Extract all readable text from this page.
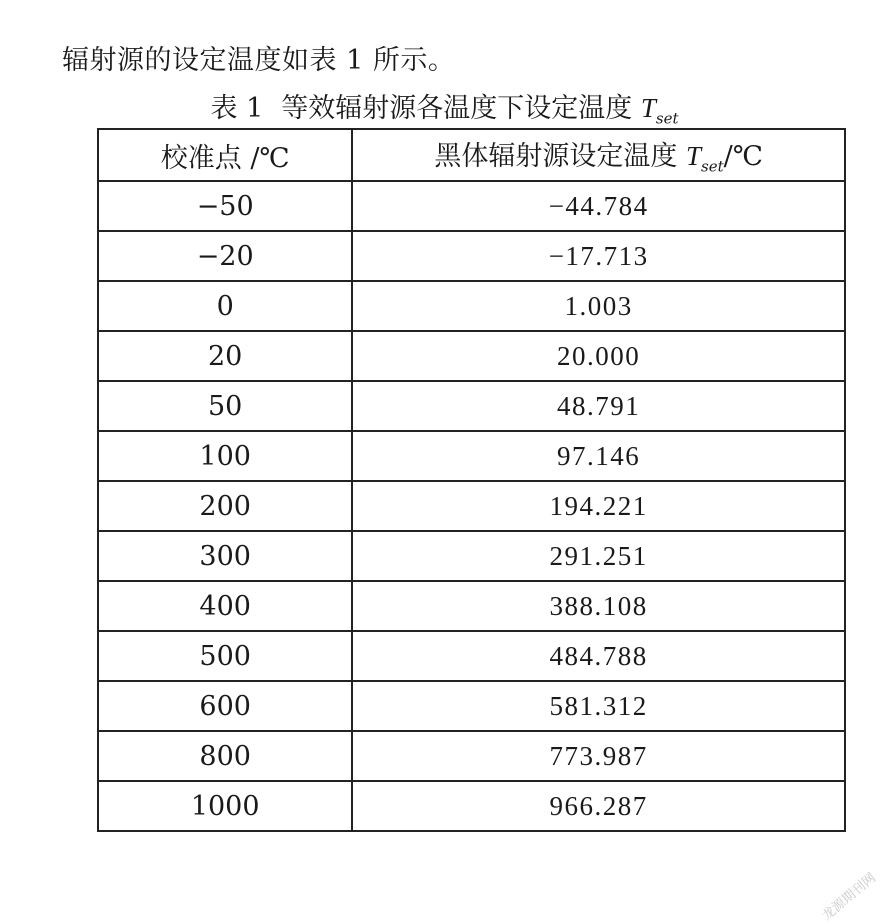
辐射源的设定温度如表 1 所示。
表 1 等效辐射源各温度下设定温度 $T_{set}$
校准点 /℃	黑体辐射源设定温度 $T_{set}/℃$
−50	−44.784
−20	−17.713
0	1.003
20	20.000
50	48.791
100	97.146
200	194.221
300	291.251
400	388.108
500	484.788
600	581.312
800	773.987
1000	966.287
龙源期刊网
